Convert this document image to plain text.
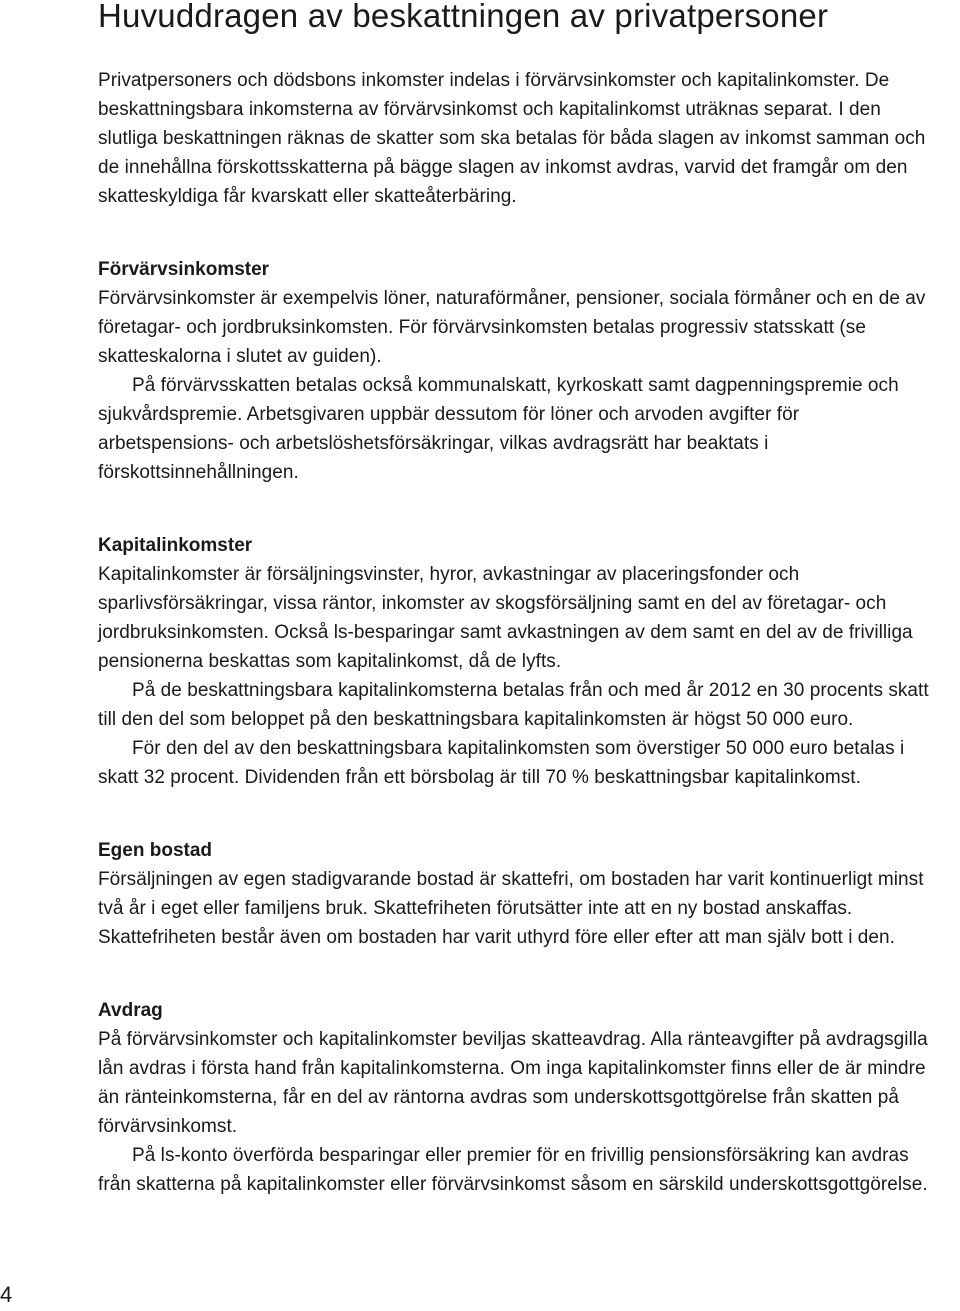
Huvuddragen av beskattningen av privatpersoner

Privatpersoners och dödsbons inkomster indelas i förvärvsinkomster och kapitalinkomster. De beskattningsbara inkomsterna av förvärvsinkomst och kapitalinkomst uträknas separat. I den slutliga beskattningen räknas de skatter som ska betalas för båda slagen av inkomst samman och de innehållna förskottsskatterna på bägge slagen av inkomst avdras, varvid det framgår om den skatteskyldiga får kvarskatt eller skatteåterbäring.

Förvärvsinkomster

Förvärvsinkomster är exempelvis löner, naturaförmåner, pensioner, sociala förmåner och en de av företagar- och jordbruksinkomsten. För förvärvsinkomsten betalas progressiv statsskatt (se skatteskalorna i slutet av guiden).

På förvärvsskatten betalas också kommunalskatt, kyrkoskatt samt dagpenningspremie och sjukvårdspremie. Arbetsgivaren uppbär dessutom för löner och arvoden avgifter för arbetspensions- och arbetslöshetsförsäkringar, vilkas avdragsrätt har beaktats i förskottsinnehållningen.

Kapitalinkomster

Kapitalinkomster är försäljningsvinster, hyror, avkastningar av placeringsfonder och sparlivsförsäkringar, vissa räntor, inkomster av skogsförsäljning samt en del av företagar- och jordbruksinkomsten. Också ls-besparingar samt avkastningen av dem samt en del av de frivilliga pensionerna beskattas som kapitalinkomst, då de lyfts.

På de beskattningsbara kapitalinkomsterna betalas från och med år 2012 en 30 procents skatt till den del som beloppet på den beskattningsbara kapitalinkomsten är högst 50 000 euro.

För den del av den beskattningsbara kapitalinkomsten som överstiger 50 000 euro betalas i skatt 32 procent. Dividenden från ett börsbolag är till 70 % beskattningsbar kapitalinkomst.

Egen bostad

Försäljningen av egen stadigvarande bostad är skattefri, om bostaden har varit kontinuerligt minst två år i eget eller familjens bruk. Skattefriheten förutsätter inte att en ny bostad anskaffas. Skattefriheten består även om bostaden har varit uthyrd före eller efter att man själv bott i den.

Avdrag

På förvärvsinkomster och kapitalinkomster beviljas skatteavdrag. Alla ränteavgifter på avdragsgilla lån avdras i första hand från kapitalinkomsterna. Om inga kapitalinkomster finns eller de är mindre än ränteinkomsterna, får en del av räntorna avdras som underskottsgottgörelse från skatten på förvärvsinkomst.

På ls-konto överförda besparingar eller premier för en frivillig pensionsförsäkring kan avdras från skatterna på kapitalinkomster eller förvärvsinkomst såsom en särskild underskottsgottgörelse.

4
